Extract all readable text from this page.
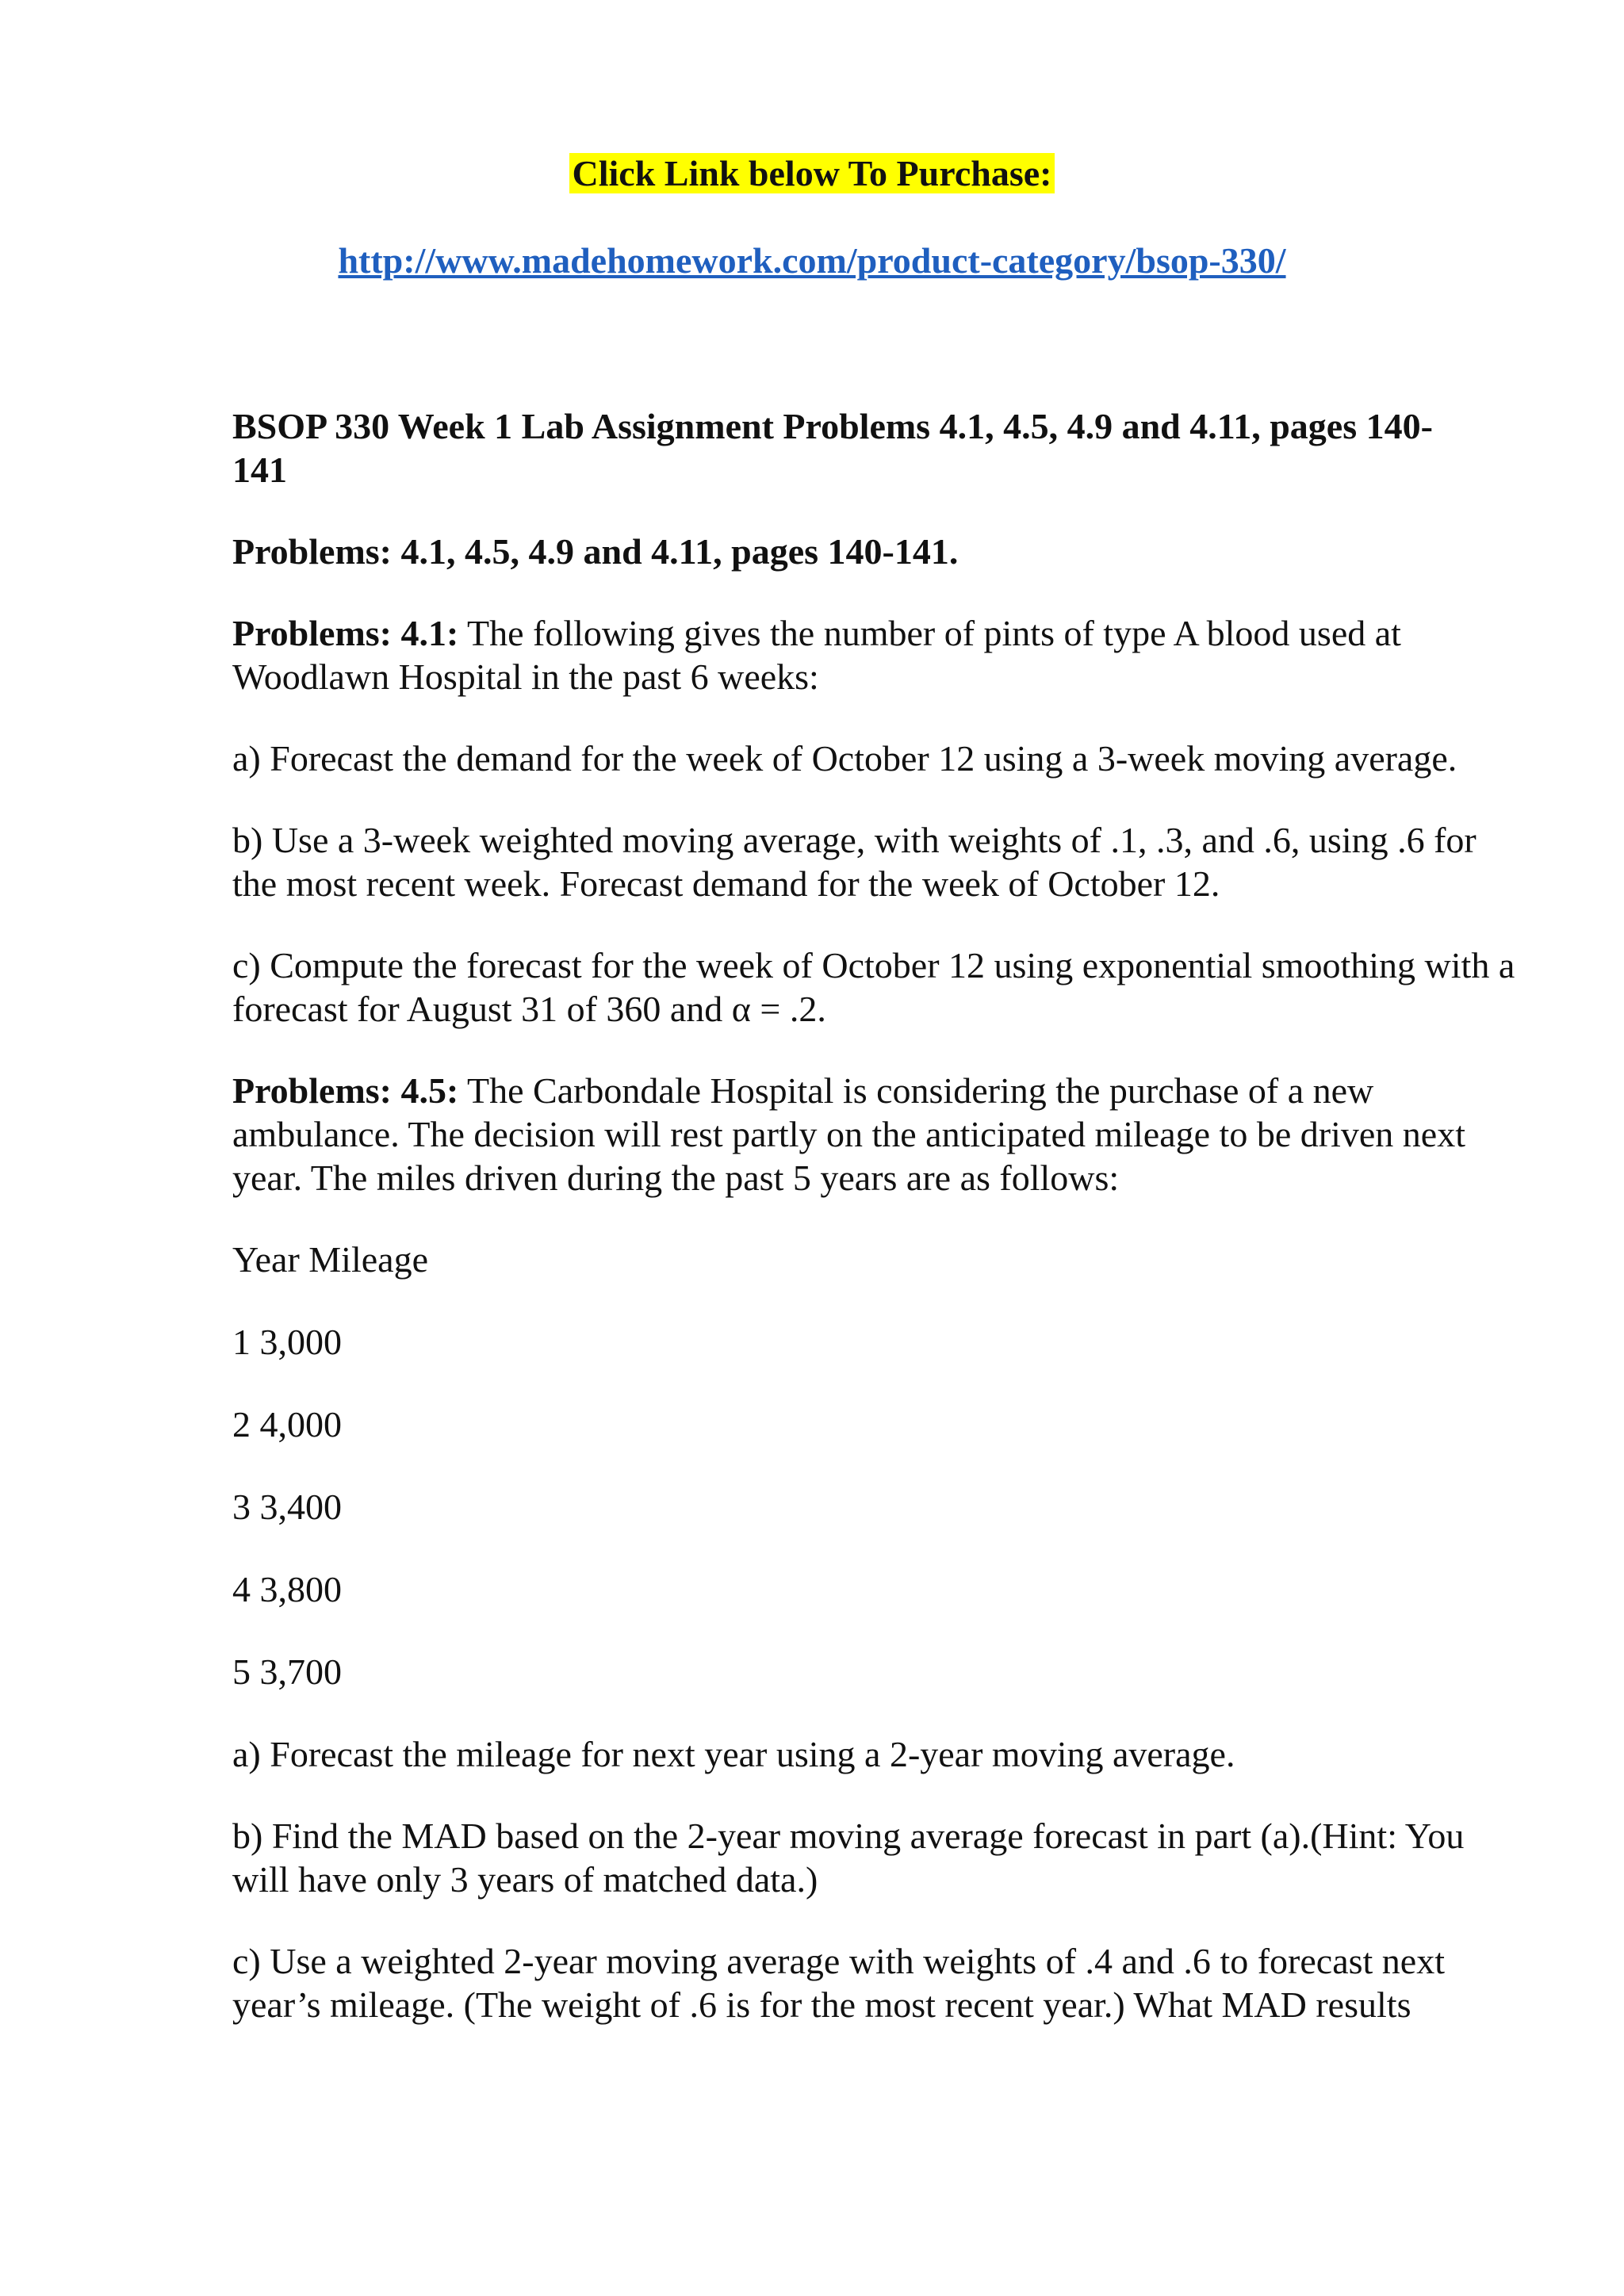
Click Link below To Purchase:
http://www.madehomework.com/product-category/bsop-330/

BSOP 330 Week 1 Lab Assignment Problems 4.1, 4.5, 4.9 and 4.11, pages 140-
141

Problems: 4.1, 4.5, 4.9 and 4.11, pages 140-141.

Problems: 4.1: The following gives the number of pints of type A blood used at Woodlawn Hospital in the past 6 weeks:

a) Forecast the demand for the week of October 12 using a 3-week moving average.

b) Use a 3-week weighted moving average, with weights of .1, .3, and .6, using .6 for the most recent week. Forecast demand for the week of October 12.

c) Compute the forecast for the week of October 12 using exponential smoothing with a forecast for August 31 of 360 and α = .2.

Problems: 4.5: The Carbondale Hospital is considering the purchase of a new ambulance. The decision will rest partly on the anticipated mileage to be driven next year. The miles driven during the past 5 years are as follows:

Year Mileage

1 3,000

2 4,000

3 3,400

4 3,800

5 3,700

a) Forecast the mileage for next year using a 2-year moving average.

b) Find the MAD based on the 2-year moving average forecast in part (a).(Hint: You will have only 3 years of matched data.)

c) Use a weighted 2-year moving average with weights of .4 and .6 to forecast next year’s mileage. (The weight of .6 is for the most recent year.) What MAD results
